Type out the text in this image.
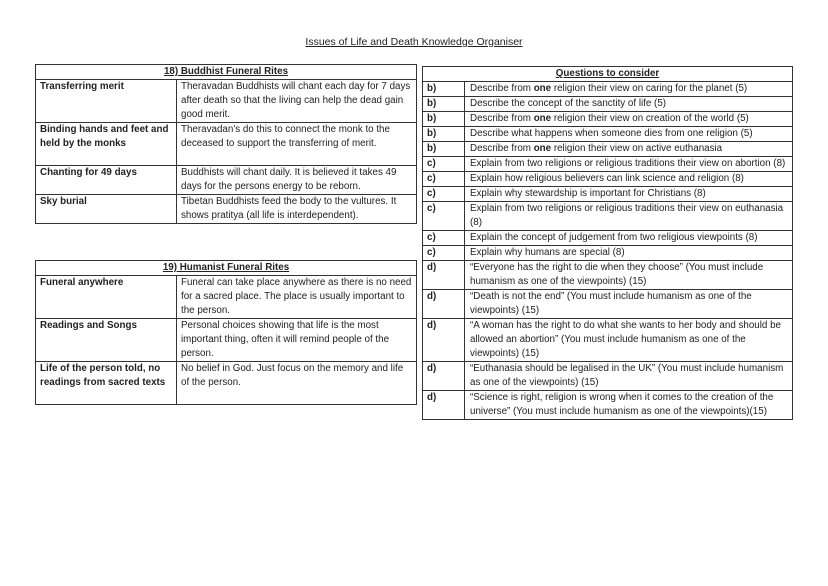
Issues of Life and Death Knowledge Organiser
18) Buddhist Funeral Rites	
Transferring merit	Theravadan Buddhists will chant each day for 7 days after death so that the living can help the dead gain good merit.
Binding hands and feet and held by the monks	Theravadan’s do this to connect the monk to the deceased to support the transferring of merit.
Chanting for 49 days	Buddhists will chant daily. It is believed it takes 49 days for the persons energy to be reborn.
Sky burial	Tibetan Buddhists feed the body to the vultures. It shows pratitya (all life is interdependent).
19) Humanist Funeral Rites	
Funeral anywhere	Funeral can take place anywhere as there is no need for a sacred place. The place is usually important to the person.
Readings and Songs	Personal choices showing that life is the most important thing, often it will remind people of the person.
Life of the person told, no readings from sacred texts	No belief in God. Just focus on the memory and life of the person.
Questions to consider	
b)	Describe from one religion their view on caring for the planet (5)
b)	Describe the concept of the sanctity of life (5)
b)	Describe from one religion their view on creation of the world (5)
b)	Describe what happens when someone dies from one religion (5)
b)	Describe from one religion their view on active euthanasia
c)	Explain from two religions or religious traditions their view on abortion (8)
c)	Explain how religious believers can link science and religion (8)
c)	Explain why stewardship is important for Christians (8)
c)	Explain from two religions or religious traditions their view on euthanasia (8)
c)	Explain the concept of judgement from two religious viewpoints (8)
c)	Explain why humans are special (8)
d)	“Everyone has the right to die when they choose” (You must include humanism as one of the viewpoints) (15)
d)	“Death is not the end” (You must include humanism as one of the viewpoints) (15)
d)	“A woman has the right to do what she wants to her body and should be allowed an abortion” (You must include humanism as one of the viewpoints) (15)
d)	“Euthanasia should be legalised in the UK” (You must include humanism as one of the viewpoints) (15)
d)	“Science is right, religion is wrong when it comes to the creation of the universe” (You must include humanism as one of the viewpoints)(15)
